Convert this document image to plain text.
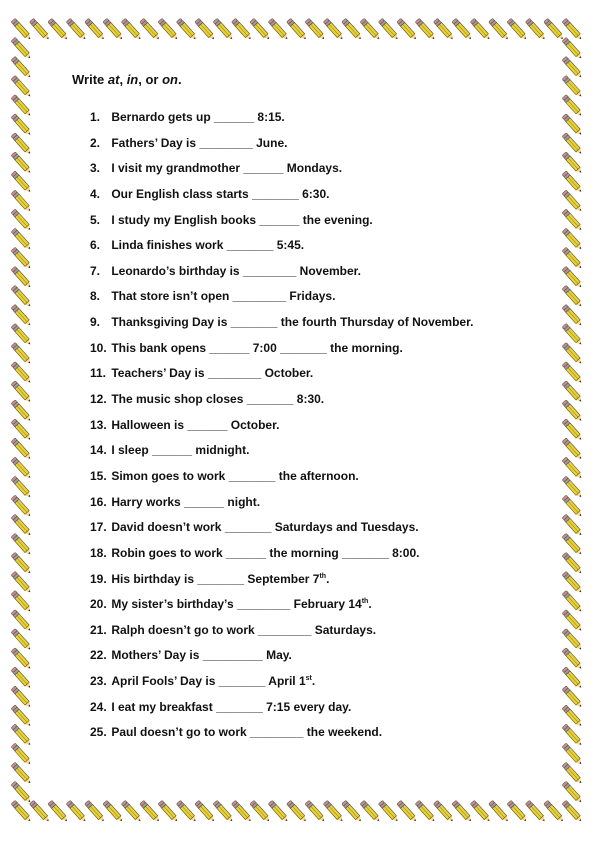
Write at, in, or on.
1. Bernardo gets up ______ 8:15.
2. Fathers’ Day is ________ June.
3. I visit my grandmother ______ Mondays.
4. Our English class starts _______ 6:30.
5. I study my English books ______ the evening.
6. Linda finishes work _______ 5:45.
7. Leonardo’s birthday is ________ November.
8. That store isn’t open ________ Fridays.
9. Thanksgiving Day is _______ the fourth Thursday of November.
10. This bank opens ______ 7:00 _______ the morning.
11. Teachers’ Day is ________ October.
12. The music shop closes _______ 8:30.
13. Halloween is ______ October.
14. I sleep ______ midnight.
15. Simon goes to work _______ the afternoon.
16. Harry works ______ night.
17. David doesn’t work _______ Saturdays and Tuesdays.
18. Robin goes to work ______ the morning _______ 8:00.
19. His birthday is _______ September 7th.
20. My sister’s birthday’s ________ February 14th.
21. Ralph doesn’t go to work ________ Saturdays.
22. Mothers’ Day is _________ May.
23. April Fools’ Day is _______ April 1st.
24. I eat my breakfast _______ 7:15 every day.
25. Paul doesn’t go to work ________ the weekend.
